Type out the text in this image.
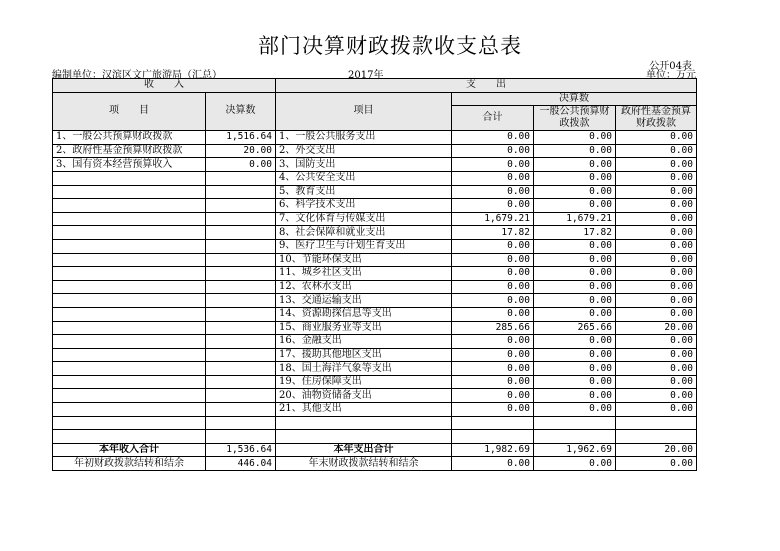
部门决算财政拨款收支总表
公开04表
编制单位：汉滨区文广旅游局（汇总）	2017年	单位：万元
收　　入		支　　出			
项　　目	决算数	项目	决算数		
			合计	一般公共预算财政拨款	政府性基金预算财政拨款

1、一般公共预算财政拨款	1,516.64	1、一般公共服务支出	0.00	0.00	0.00
2、政府性基金预算财政拨款	20.00	2、外交支出	0.00	0.00	0.00
3、国有资本经营预算收入	0.00	3、国防支出	0.00	0.00	0.00
		4、公共安全支出	0.00	0.00	0.00
		5、教育支出	0.00	0.00	0.00
		6、科学技术支出	0.00	0.00	0.00
		7、文化体育与传媒支出	1,679.21	1,679.21	0.00
		8、社会保障和就业支出	17.82	17.82	0.00
		9、医疗卫生与计划生育支出	0.00	0.00	0.00
		10、节能环保支出	0.00	0.00	0.00
		11、城乡社区支出	0.00	0.00	0.00
		12、农林水支出	0.00	0.00	0.00
		13、交通运输支出	0.00	0.00	0.00
		14、资源勘探信息等支出	0.00	0.00	0.00
		15、商业服务业等支出	285.66	265.66	20.00
		16、金融支出	0.00	0.00	0.00
		17、援助其他地区支出	0.00	0.00	0.00
		18、国土海洋气象等支出	0.00	0.00	0.00
		19、住房保障支出	0.00	0.00	0.00
		20、油物资储备支出	0.00	0.00	0.00
		21、其他支出	0.00	0.00	0.00

本年收入合计	1,536.64	本年支出合计	1,982.69	1,962.69	20.00
年初财政拨款结转和结余	446.04	年末财政拨款结转和结余	0.00	0.00	0.00
